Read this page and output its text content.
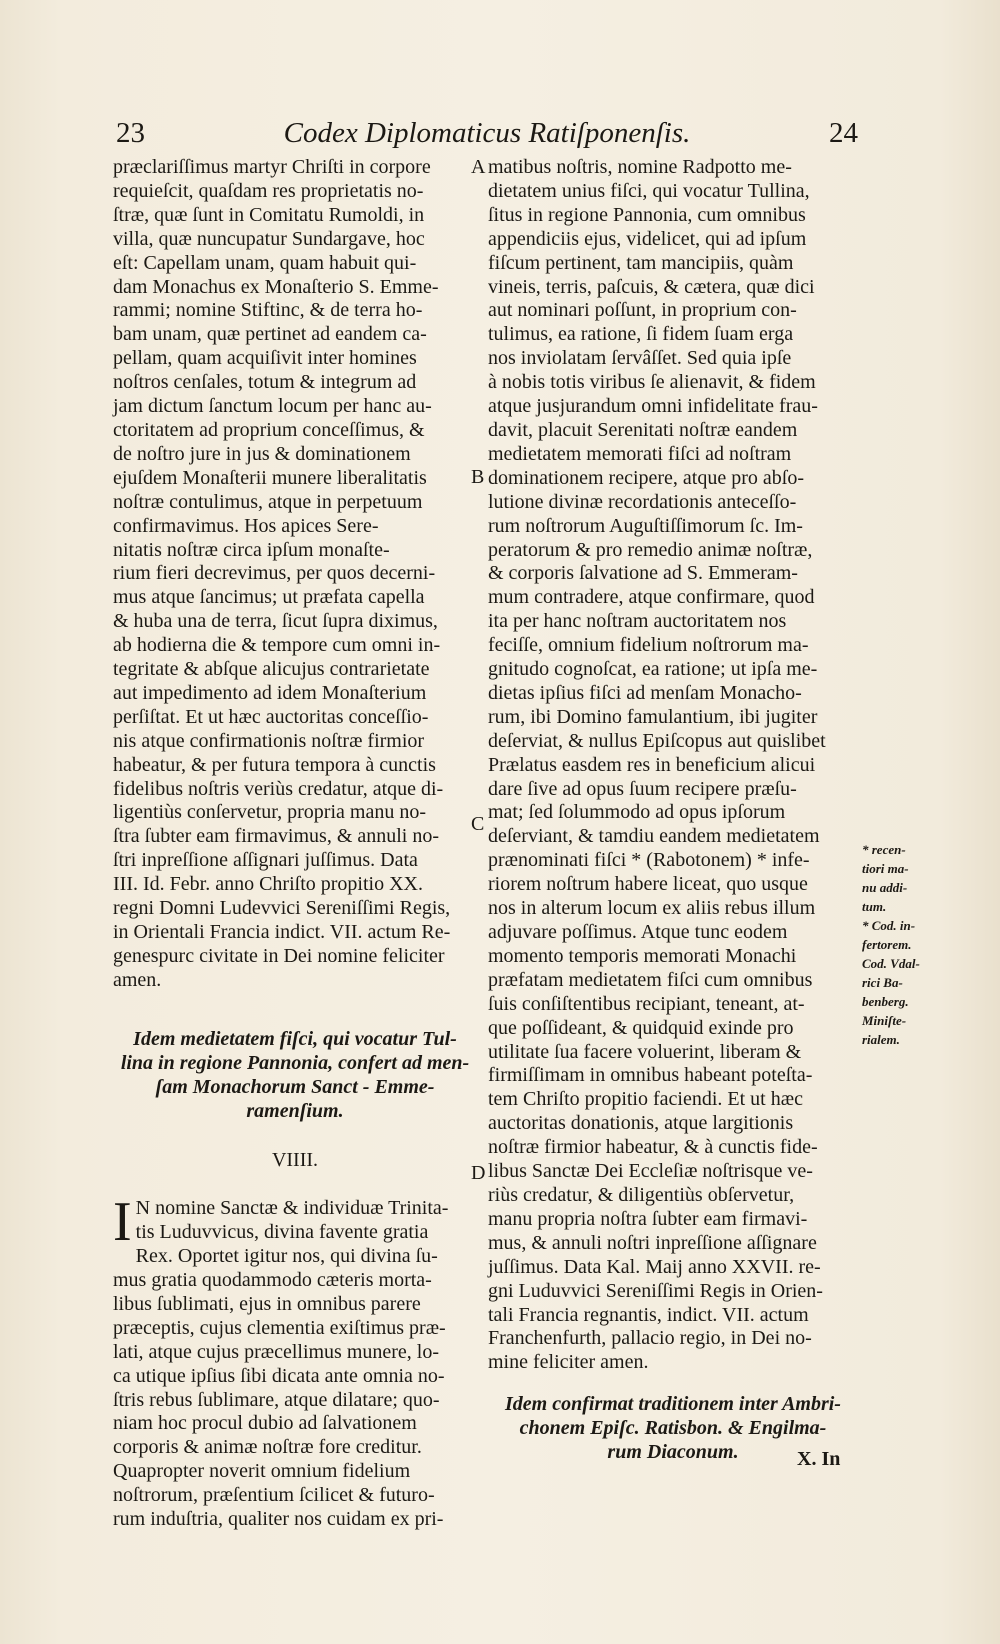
23	Codex Diplomaticus Ratiſponenſis.	24
præclariſſimus martyr Chriſti in corpore
requieſcit, quaſdam res proprietatis no-
ſtræ, quæ ſunt in Comitatu Rumoldi, in
villa, quæ nuncupatur Sundargave, hoc
eſt: Capellam unam, quam habuit qui-
dam Monachus ex Monaſterio S. Emme-
rammi; nomine Stiftinc, & de terra ho-
bam unam, quæ pertinet ad eandem ca-
pellam, quam acquiſivit inter homines
noſtros cenſales, totum & integrum ad
jam dictum ſanctum locum per hanc au-
ctoritatem ad proprium conceſſimus, &
de noſtro jure in jus & dominationem
ejuſdem Monaſterii munere liberalitatis
noſtræ contulimus, atque in perpetuum
confirmavimus. Hos apices Sere-
nitatis noſtræ circa ipſum monaſte-
rium fieri decrevimus, per quos decerni-
mus atque ſancimus; ut præfata capella
& huba una de terra, ſicut ſupra diximus,
ab hodierna die & tempore cum omni in-
tegritate & abſque alicujus contrarietate
aut impedimento ad idem Monaſterium
perſiſtat. Et ut hæc auctoritas conceſſio-
nis atque confirmationis noſtræ firmior
habeatur, & per futura tempora à cunctis
fidelibus noſtris veriùs credatur, atque di-
ligentiùs conſervetur, propria manu no-
ſtra ſubter eam firmavimus, & annuli no-
ſtri inpreſſione aſſignari juſſimus. Data
III. Id. Febr. anno Chriſto propitio XX.
regni Domni Ludevvici Sereniſſimi Regis,
in Orientali Francia indict. VII. actum Re-
genespurc civitate in Dei nomine feliciter
amen.
matibus noſtris, nomine Radpotto me-
dietatem unius fiſci, qui vocatur Tullina,
ſitus in regione Pannonia, cum omnibus
appendiciis ejus, videlicet, qui ad ipſum
fiſcum pertinent, tam mancipiis, quàm
vineis, terris, paſcuis, & cætera, quæ dici
aut nominari poſſunt, in proprium con-
tulimus, ea ratione, ſi fidem ſuam erga
nos inviolatam ſervâſſet. Sed quia ipſe
à nobis totis viribus ſe alienavit, & fidem
atque jusjurandum omni infidelitate frau-
davit, placuit Serenitati noſtræ eandem
medietatem memorati fiſci ad noſtram
dominationem recipere, atque pro abſo-
lutione divinæ recordationis anteceſſo-
rum noſtrorum Auguſtiſſimorum ſc. Im-
peratorum & pro remedio animæ noſtræ,
& corporis ſalvatione ad S. Emmeram-
mum contradere, atque confirmare, quod
ita per hanc noſtram auctoritatem nos
feciſſe, omnium fidelium noſtrorum ma-
gnitudo cognoſcat, ea ratione; ut ipſa me-
dietas ipſius fiſci ad menſam Monacho-
rum, ibi Domino famulantium, ibi jugiter
deſerviat, & nullus Epiſcopus aut quislibet
Prælatus easdem res in beneficium alicui
dare ſive ad opus ſuum recipere præſu-
mat; ſed ſolummodo ad opus ipſorum
deſerviant, & tamdiu eandem medietatem
prænominati fiſci * (Rabotonem) * infe-
riorem noſtrum habere liceat, quo usque
nos in alterum locum ex aliis rebus illum
adjuvare poſſimus. Atque tunc eodem
momento temporis memorati Monachi
præfatam medietatem fiſci cum omnibus
ſuis conſiſtentibus recipiant, teneant, at-
que poſſideant, & quidquid exinde pro
utilitate ſua facere voluerint, liberam &
firmiſſimam in omnibus habeant poteſta-
tem Chriſto propitio faciendi. Et ut hæc
auctoritas donationis, atque largitionis
noſtræ firmior habeatur, & à cunctis fide-
libus Sanctæ Dei Eccleſiæ noſtrisque ve-
riùs credatur, & diligentiùs obſervetur,
manu propria noſtra ſubter eam firmavi-
mus, & annuli noſtri inpreſſione aſſignare
juſſimus. Data Kal. Maij anno XXVII. re-
gni Luduvvici Sereniſſimi Regis in Orien-
tali Francia regnantis, indict. VII. actum
Franchenfurth, pallacio regio, in Dei no-
mine feliciter amen.
A
B
C
D

Idem medietatem fiſci, qui vocatur Tul-
lina in regione Pannonia, confert ad men-
ſam Monachorum Sanct - Emme-
ramenſium.

VIIII.

I N nomine Sanctæ & individuæ Trinita-
tis Luduvvicus, divina favente gratia
Rex. Oportet igitur nos, qui divina ſu-
mus gratia quodammodo cæteris morta-
libus ſublimati, ejus in omnibus parere
præceptis, cujus clementia exiſtimus præ-
lati, atque cujus præcellimus munere, lo-
ca utique ipſius ſibi dicata ante omnia no-
ſtris rebus ſublimare, atque dilatare; quo-
niam hoc procul dubio ad ſalvationem
corporis & animæ noſtræ fore creditur.
Quapropter noverit omnium fidelium
noſtrorum, præſentium ſcilicet & futuro-
rum induſtria, qualiter nos cuidam ex pri-

Idem confirmat traditionem inter Ambri-
chonem Epiſc. Ratisbon. & Engilma-
rum Diaconum.	X. In
* recen-
tiori ma-
nu addi-
tum.
* Cod. in-
fertorem.
Cod. Vdal-
rici Ba-
benberg.
Miniſte-
rialem.
